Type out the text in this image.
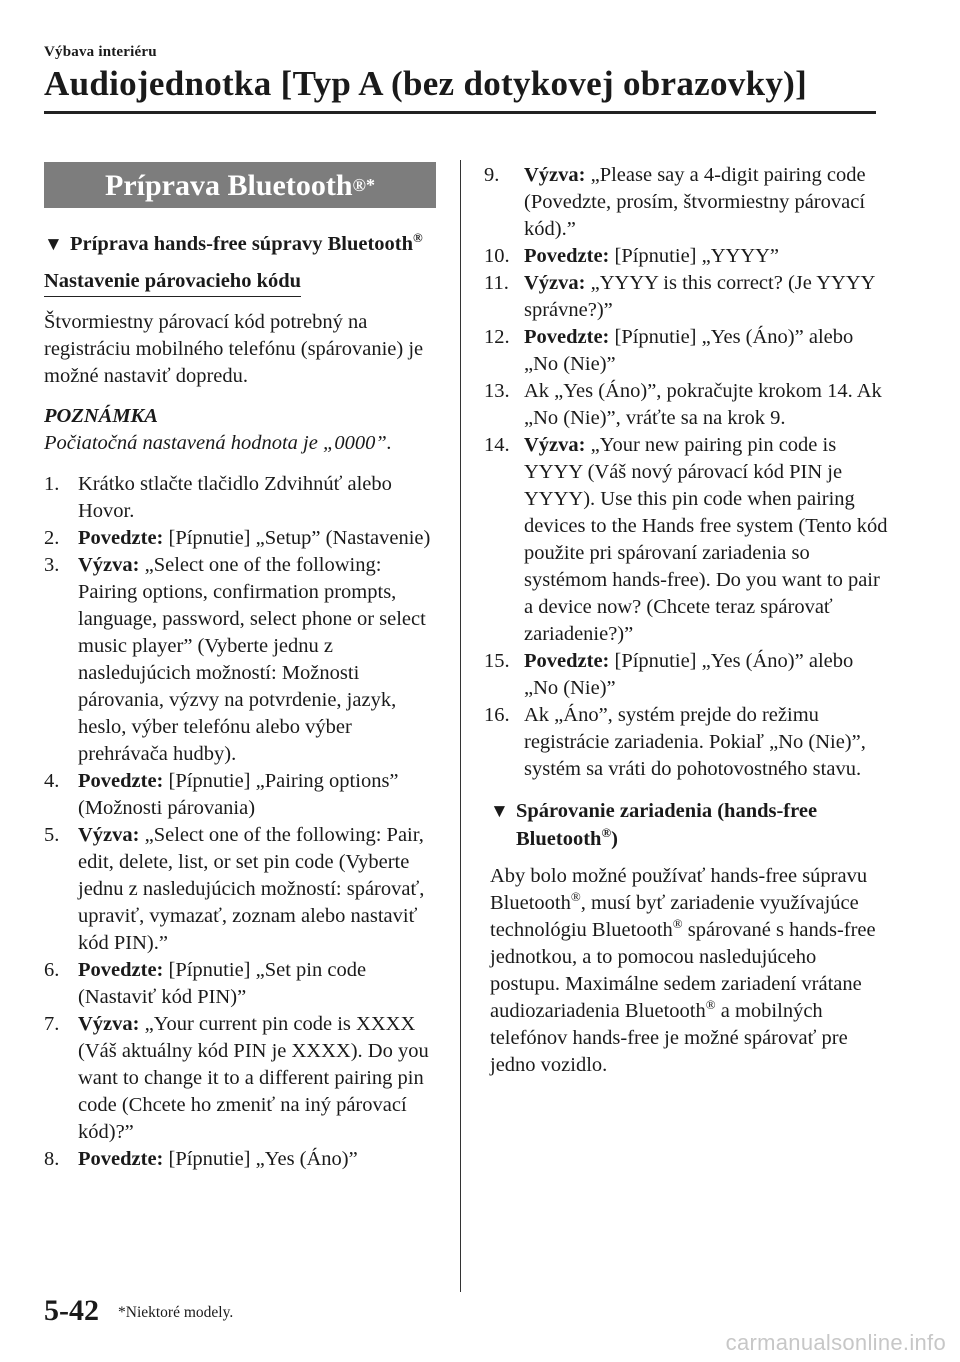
Výbava interiéru
Audiojednotka [Typ A (bez dotykovej obrazovky)]
Príprava Bluetooth ®*
▼ Príprava hands-free súpravy Bluetooth®
Nastavenie párovacieho kódu

Štvormiestny párovací kód potrebný na registráciu mobilného telefónu (spárovanie) je možné nastaviť dopredu.

POZNÁMKA
Počiatočná nastavená hodnota je „0000”.
1. Krátko stlačte tlačidlo Zdvihnúť alebo Hovor.
2. Povedzte: [Pípnutie] „Setup” (Nastavenie)
3. Výzva: „Select one of the following: Pairing options, confirmation prompts, language, password, select phone or select music player” (Vyberte jednu z nasledujúcich možností: Možnosti párovania, výzvy na potvrdenie, jazyk, heslo, výber telefónu alebo výber prehrávača hudby).
4. Povedzte: [Pípnutie] „Pairing options” (Možnosti párovania)
5. Výzva: „Select one of the following: Pair, edit, delete, list, or set pin code (Vyberte jednu z nasledujúcich možností: spárovať, upraviť, vymazať, zoznam alebo nastaviť kód PIN).”
6. Povedzte: [Pípnutie] „Set pin code (Nastaviť kód PIN)”
7. Výzva: „Your current pin code is XXXX (Váš aktuálny kód PIN je XXXX). Do you want to change it to a different pairing pin code (Chcete ho zmeniť na iný párovací kód)?”
8. Povedzte: [Pípnutie] „Yes (Áno)”
9. Výzva: „Please say a 4-digit pairing code (Povedzte, prosím, štvormiestny párovací kód).”
10. Povedzte: [Pípnutie] „YYYY”
11. Výzva: „YYYY is this correct? (Je YYYY správne?)”
12. Povedzte: [Pípnutie] „Yes (Áno)” alebo „No (Nie)”
13. Ak „Yes (Áno)”, pokračujte krokom 14. Ak „No (Nie)”, vráťte sa na krok 9.
14. Výzva: „Your new pairing pin code is YYYY (Váš nový párovací kód PIN je YYYY). Use this pin code when pairing devices to the Hands free system (Tento kód použite pri spárovaní zariadenia so systémom hands-free). Do you want to pair a device now? (Chcete teraz spárovať zariadenie?)”
15. Povedzte: [Pípnutie] „Yes (Áno)” alebo „No (Nie)”
16. Ak „Áno”, systém prejde do režimu registrácie zariadenia. Pokiaľ „No (Nie)”, systém sa vráti do pohotovostného stavu.
▼ Spárovanie zariadenia (hands-free Bluetooth®)

Aby bolo možné používať hands-free súpravu Bluetooth®, musí byť zariadenie využívajúce technológiu Bluetooth® spárované s hands-free jednotkou, a to pomocou nasledujúceho postupu. Maximálne sedem zariadení vrátane audiozariadenia Bluetooth® a mobilných telefónov hands-free je možné spárovať pre jedno vozidlo.

5-42 *Niektoré modely.
carmanualsonline.info
